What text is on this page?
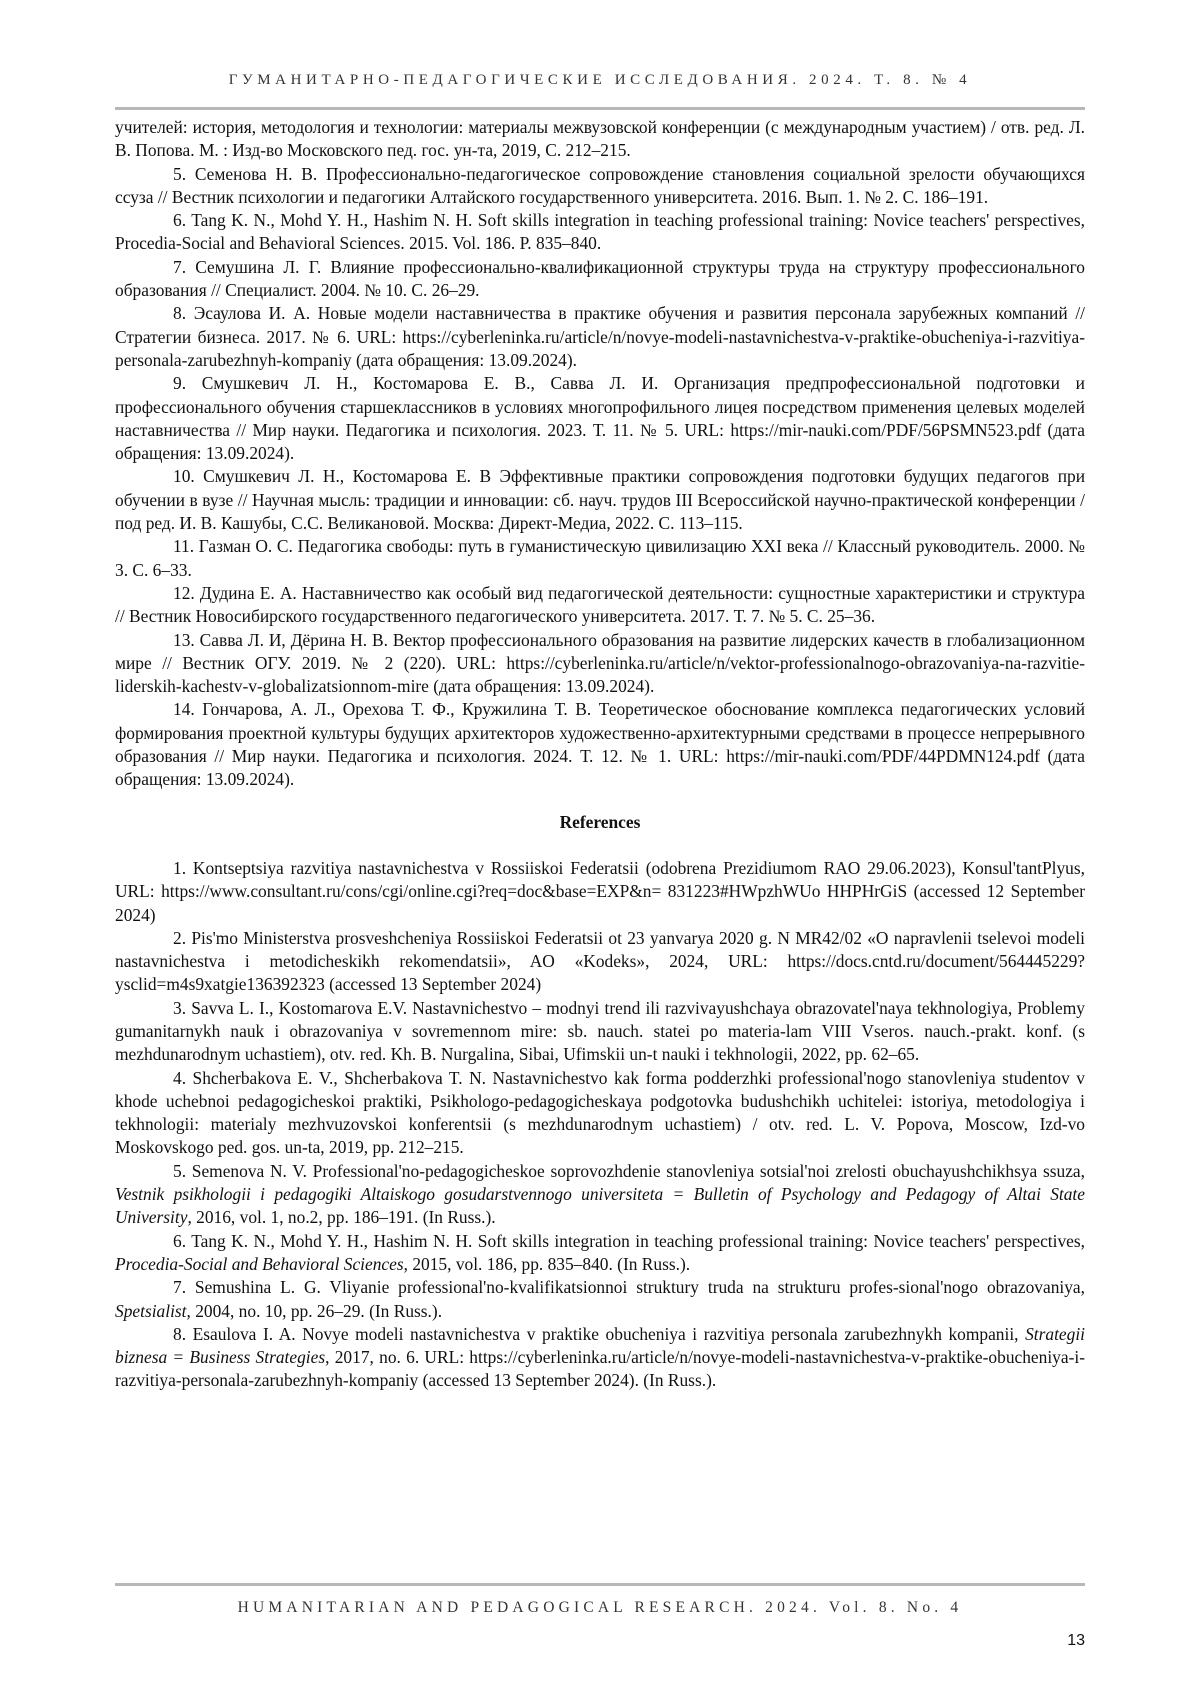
ГУМАНИТАРНО-ПЕДАГОГИЧЕСКИЕ ИССЛЕДОВАНИЯ. 2024. Т. 8. № 4

учителей: история, методология и технологии: материалы межвузовской конференции (с международным участием) / отв. ред. Л. В. Попова. М. : Изд-во Московского пед. гос. ун-та, 2019, С. 212–215.

5. Семенова Н. В. Профессионально-педагогическое сопровождение становления социальной зрелости обучающихся ссуза // Вестник психологии и педагогики Алтайского государственного университета. 2016. Вып. 1. № 2. С. 186–191.

6. Tang K. N., Mohd Y. H., Hashim N. H. Soft skills integration in teaching professional training: Novice teachers' perspectives, Procedia-Social and Behavioral Sciences. 2015. Vol. 186. P. 835–840.

7. Семушина Л. Г. Влияние профессионально-квалификационной структуры труда на структуру профессионального образования // Специалист. 2004. № 10. С. 26–29.

8. Эсаулова И. А. Новые модели наставничества в практике обучения и развития персонала зарубежных компаний // Стратегии бизнеса. 2017. № 6. URL: https://cyberleninka.ru/article/n/novye-modeli-nastavnichestva-v-praktike-obucheniya-i-razvitiya-personala-zarubezhnyh-kompaniy (дата обращения: 13.09.2024).

9. Смушкевич Л. Н., Костомарова Е. В., Савва Л. И. Организация предпрофессиональной подготовки и профессионального обучения старшеклассников в условиях многопрофильного лицея посредством применения целевых моделей наставничества // Мир науки. Педагогика и психология. 2023. Т. 11. № 5. URL: https://mir-nauki.com/PDF/56PSMN523.pdf (дата обращения: 13.09.2024).

10. Смушкевич Л. Н., Костомарова Е. В Эффективные практики сопровождения подготовки будущих педагогов при обучении в вузе // Научная мысль: традиции и инновации: сб. науч. трудов III Всероссийской научно-практической конференции /под ред. И. В. Кашубы, С.С. Великановой. Москва: Директ-Медиа, 2022. С. 113–115.

11. Газман О. С. Педагогика свободы: путь в гуманистическую цивилизацию XXI века // Классный руководитель. 2000. № 3. С. 6–33.

12. Дудина Е. А. Наставничество как особый вид педагогической деятельности: сущностные характеристики и структура // Вестник Новосибирского государственного педагогического университета. 2017. Т. 7. № 5. С. 25–36.

13. Савва Л. И, Дёрина Н. В. Вектор профессионального образования на развитие лидерских качеств в глобализационном мире // Вестник ОГУ. 2019. № 2 (220). URL: https://cyberleninka.ru/article/n/vektor-professionalnogo-obrazovaniya-na-razvitie-liderskih-kachestv-v-globalizatsionnom-mire (дата обращения: 13.09.2024).

14. Гончарова, А. Л., Орехова Т. Ф., Кружилина Т. В. Теоретическое обоснование комплекса педагогических условий формирования проектной культуры будущих архитекторов художественно-архитектурными средствами в процессе непрерывного образования // Мир науки. Педагогика и психология. 2024. Т. 12. № 1. URL: https://mir-nauki.com/PDF/44PDMN124.pdf (дата обращения: 13.09.2024).

References

1. Kontseptsiya razvitiya nastavnichestva v Rossiiskoi Federatsii (odobrena Prezidiumom RAO 29.06.2023), Konsul'tantPlyus, URL: https://www.consultant.ru/cons/cgi/online.cgi?req=doc&base=EXP&n= 831223#HWpzhWUo HHPHrGiS (accessed 12 September 2024)

2. Pis'mo Ministerstva prosveshcheniya Rossiiskoi Federatsii ot 23 yanvarya 2020 g. N MR42/02 «O napravlenii tselevoi modeli nastavnichestva i metodicheskikh rekomendatsii», AO «Kodeks», 2024, URL: https://docs.cntd.ru/document/564445229?ysclid=m4s9xatgie136392323 (accessed 13 September 2024)

3. Savva L. I., Kostomarova E.V. Nastavnichestvo – modnyi trend ili razvivayushchaya obrazovatel'naya tekhnologiya, Problemy gumanitarnykh nauk i obrazovaniya v sovremennom mire: sb. nauch. statei po materia-lam VIII Vseros. nauch.-prakt. konf. (s mezhdunarodnym uchastiem), otv. red. Kh. B. Nurgalina, Sibai, Ufimskii un-t nauki i tekhnologii, 2022, pp. 62–65.

4. Shcherbakova E. V., Shcherbakova T. N. Nastavnichestvo kak forma podderzhki professional'nogo stanovleniya studentov v khode uchebnoi pedagogicheskoi praktiki, Psikhologo-pedagogicheskaya podgotovka budushchikh uchitelei: istoriya, metodologiya i tekhnologii: materialy mezhvuzovskoi konferentsii (s mezhdunarodnym uchastiem) / otv. red. L. V. Popova, Moscow, Izd-vo Moskovskogo ped. gos. un-ta, 2019, pp. 212–215.

5. Semenova N. V. Professional'no-pedagogicheskoe soprovozhdenie stanovleniya sotsial'noi zrelosti obuchayushchikhsya ssuza, Vestnik psikhologii i pedagogiki Altaiskogo gosudarstvennogo universiteta = Bulletin of Psychology and Pedagogy of Altai State University, 2016, vol. 1, no.2, pp. 186–191. (In Russ.).

6. Tang K. N., Mohd Y. H., Hashim N. H. Soft skills integration in teaching professional training: Novice teachers' perspectives, Procedia-Social and Behavioral Sciences, 2015, vol. 186, pp. 835–840. (In Russ.).

7. Semushina L. G. Vliyanie professional'no-kvalifikatsionnoi struktury truda na strukturu profes-sional'nogo obrazovaniya, Spetsialist, 2004, no. 10, pp. 26–29. (In Russ.).

8. Esaulova I. A. Novye modeli nastavnichestva v praktike obucheniya i razvitiya personala zarubezhnykh kompanii, Strategii biznesa = Business Strategies, 2017, no. 6. URL: https://cyberleninka.ru/article/n/novye-modeli-nastavnichestva-v-praktike-obucheniya-i-razvitiya-personala-zarubezhnyh-kompaniy (accessed 13 September 2024). (In Russ.).

HUMANITARIAN AND PEDAGOGICAL RESEARCH. 2024. Vol. 8. No. 4
13
